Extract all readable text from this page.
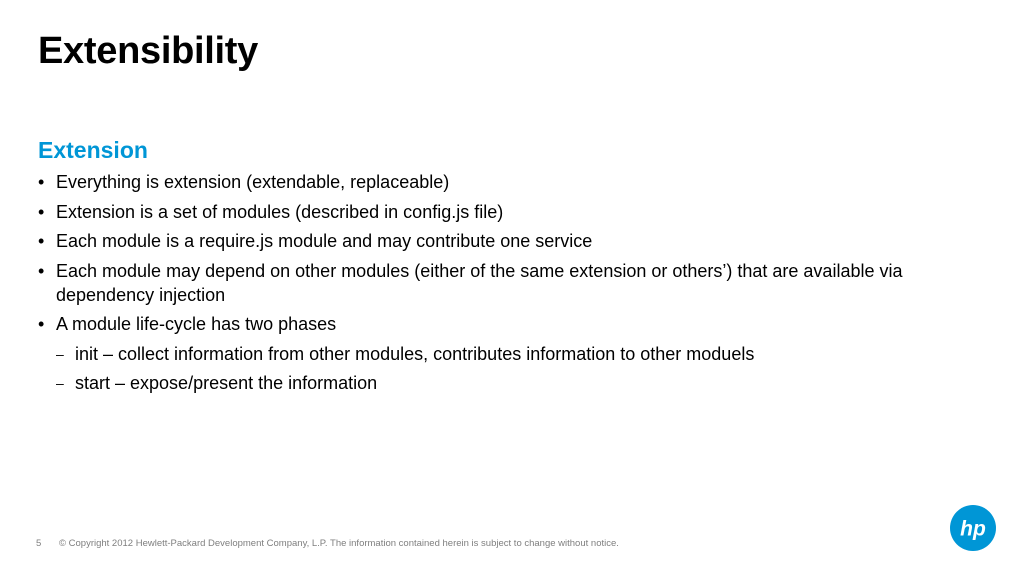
Extensibility
Extension
• Everything is extension (extendable, replaceable)
• Extension is a set of modules (described in config.js file)
• Each module is a require.js module and may contribute one service
• Each module may depend on other modules (either of the same extension or others’) that are available via dependency injection
• A module life-cycle has two phases
– init – collect information from other modules, contributes information to other moduels
– start – expose/present the information
5 © Copyright 2012 Hewlett-Packard Development Company, L.P. The information contained herein is subject to change without notice.
hp
